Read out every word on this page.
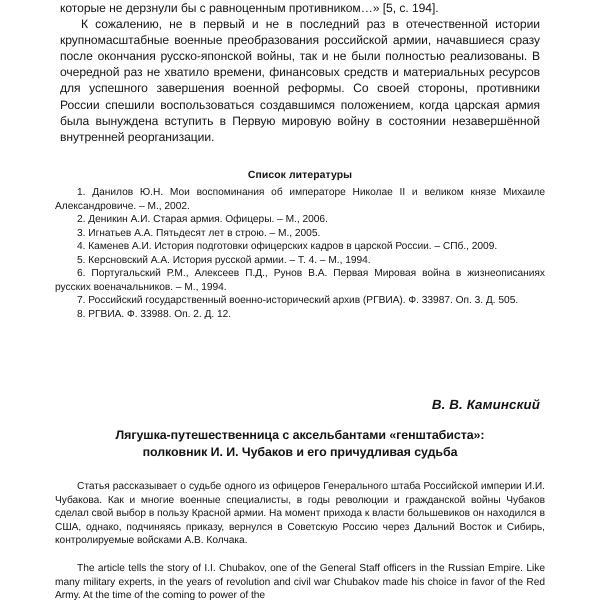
которые не дерзнули бы с равноценным противником…» [5, с. 194].

К сожалению, не в первый и не в последний раз в отечественной истории крупномасштабные военные преобразования российской армии, начавшиеся сразу после окончания русско-японской войны, так и не были полностью реализованы. В очередной раз не хватило времени, финансовых средств и материальных ресурсов для успешного завершения военной реформы. Со своей стороны, противники России спешили воспользоваться создавшимся положением, когда царская армия была вынуждена вступить в Первую мировую войну в состоянии незавершённой внутренней реорганизации.

Список литературы

1. Данилов Ю.Н. Мои воспоминания об императоре Николае II и великом князе Михаиле Александровиче. – М., 2002.

2. Деникин А.И. Старая армия. Офицеры. – М., 2006.

3. Игнатьев А.А. Пятьдесят лет в строю. – М., 2005.

4. Каменев А.И. История подготовки офицерских кадров в царской России. – СПб., 2009.

5. Керсновский А.А. История русской армии. – Т. 4. – М., 1994.

6. Португальский Р.М., Алексеев П.Д., Рунов В.А. Первая Мировая война в жизнеописаниях русских военачальников. – М., 1994.

7. Российский государственный военно-исторический архив (РГВИА). Ф. 33987. Оп. 3. Д. 505.

8. РГВИА. Ф. 33988. Оп. 2. Д. 12.

В. В. Каминский
Лягушка-путешественница с аксельбантами «генштабиста»:
полковник И. И. Чубаков и его причудливая судьба

Статья рассказывает о судьбе одного из офицеров Генерального штаба Российской империи И.И. Чубакова. Как и многие военные специалисты, в годы революции и гражданской войны Чубаков сделал свой выбор в пользу Красной армии. На момент прихода к власти большевиков он находился в США, однако, подчиняясь приказу, вернулся в Советскую Россию через Дальний Восток и Сибирь, контролируемые войсками А.В. Колчака.

The article tells the story of I.I. Chubakov, one of the General Staff officers in the Russian Empire. Like many military experts, in the years of revolution and civil war Chubakov made his choice in favor of the Red Army. At the time of the coming to power of the
